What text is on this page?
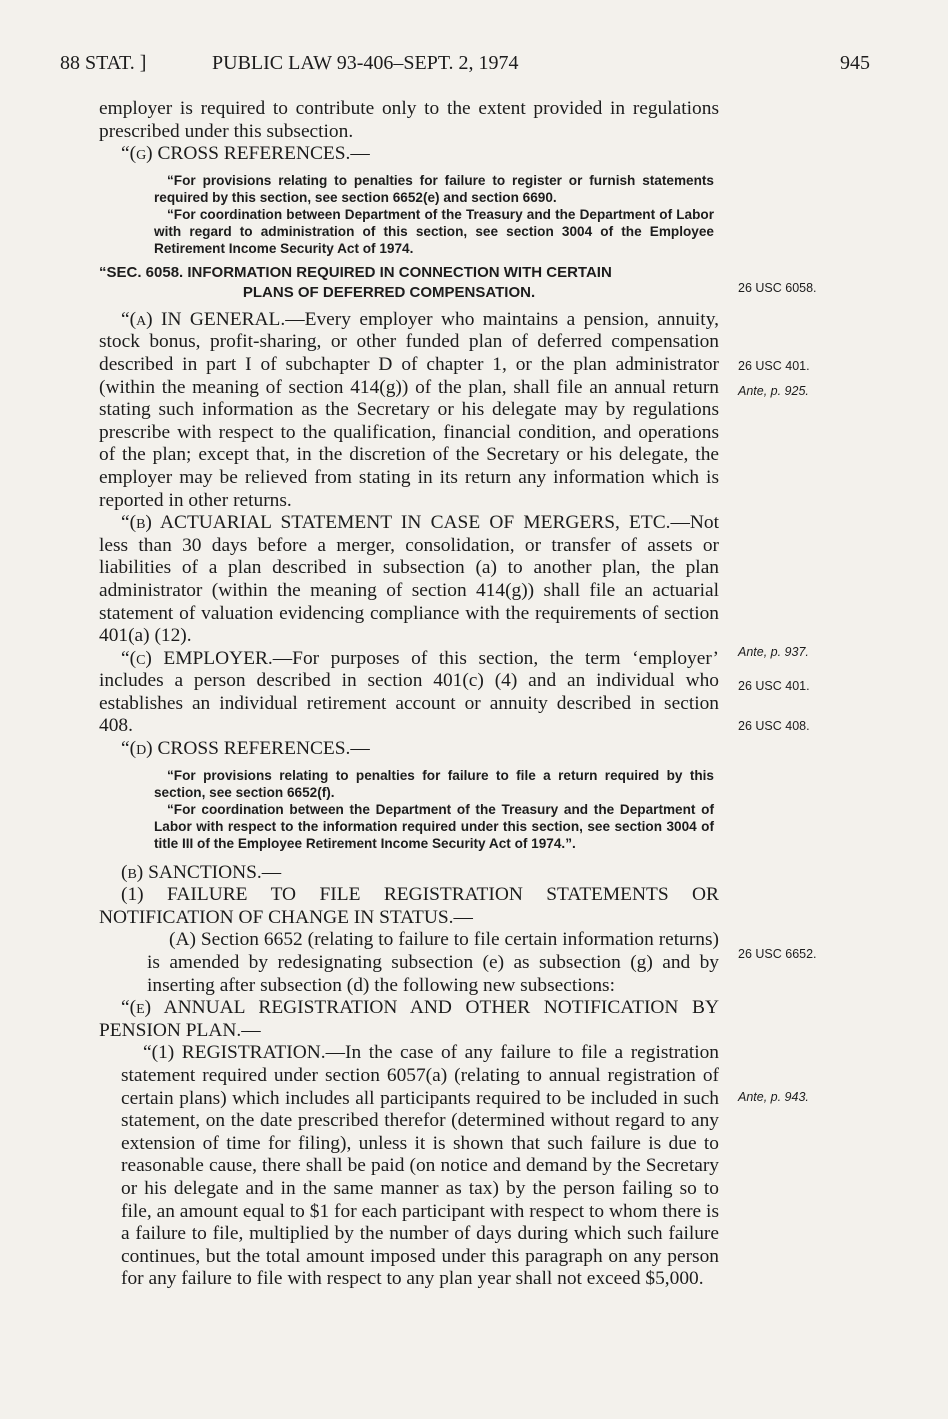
88 STAT. ]	PUBLIC LAW 93-406–SEPT. 2, 1974	945

employer is required to contribute only to the extent provided in regulations prescribed under this subsection.

“(g) CROSS REFERENCES.—

“For provisions relating to penalties for failure to register or furnish statements required by this section, see section 6652(e) and section 6690.

“For coordination between Department of the Treasury and the Department of Labor with regard to administration of this section, see section 3004 of the Employee Retirement Income Security Act of 1974.

“SEC. 6058. INFORMATION REQUIRED IN CONNECTION WITH CERTAIN
PLANS OF DEFERRED COMPENSATION.

“(a) IN GENERAL.—Every employer who maintains a pension, annuity, stock bonus, profit-sharing, or other funded plan of deferred compensation described in part I of subchapter D of chapter 1, or the plan administrator (within the meaning of section 414(g)) of the plan, shall file an annual return stating such information as the Secretary or his delegate may by regulations prescribe with respect to the qualification, financial condition, and operations of the plan; except that, in the discretion of the Secretary or his delegate, the employer may be relieved from stating in its return any information which is reported in other returns.

“(b) ACTUARIAL STATEMENT IN CASE OF MERGERS, ETC.—Not less than 30 days before a merger, consolidation, or transfer of assets or liabilities of a plan described in subsection (a) to another plan, the plan administrator (within the meaning of section 414(g)) shall file an actuarial statement of valuation evidencing compliance with the requirements of section 401(a) (12).

“(c) EMPLOYER.—For purposes of this section, the term ‘employer’ includes a person described in section 401(c) (4) and an individual who establishes an individual retirement account or annuity described in section 408.

“(d) CROSS REFERENCES.—

“For provisions relating to penalties for failure to file a return required by this section, see section 6652(f).

“For coordination between the Department of the Treasury and the Department of Labor with respect to the information required under this section, see section 3004 of title III of the Employee Retirement Income Security Act of 1974.”.

(b) SANCTIONS.—

(1) FAILURE TO FILE REGISTRATION STATEMENTS OR NOTIFICATION OF CHANGE IN STATUS.—

(A) Section 6652 (relating to failure to file certain information returns) is amended by redesignating subsection (e) as subsection (g) and by inserting after subsection (d) the following new subsections:

“(e) ANNUAL REGISTRATION AND OTHER NOTIFICATION BY PENSION PLAN.—

“(1) REGISTRATION.—In the case of any failure to file a registration statement required under section 6057(a) (relating to annual registration of certain plans) which includes all participants required to be included in such statement, on the date prescribed therefor (determined without regard to any extension of time for filing), unless it is shown that such failure is due to reasonable cause, there shall be paid (on notice and demand by the Secretary or his delegate and in the same manner as tax) by the person failing so to file, an amount equal to $1 for each participant with respect to whom there is a failure to file, multiplied by the number of days during which such failure continues, but the total amount imposed under this paragraph on any person for any failure to file with respect to any plan year shall not exceed $5,000.

26 USC 6058.
26 USC 401.
Ante, p. 925.
Ante, p. 937.
26 USC 401.
26 USC 408.
26 USC 6652.
Ante, p. 943.
